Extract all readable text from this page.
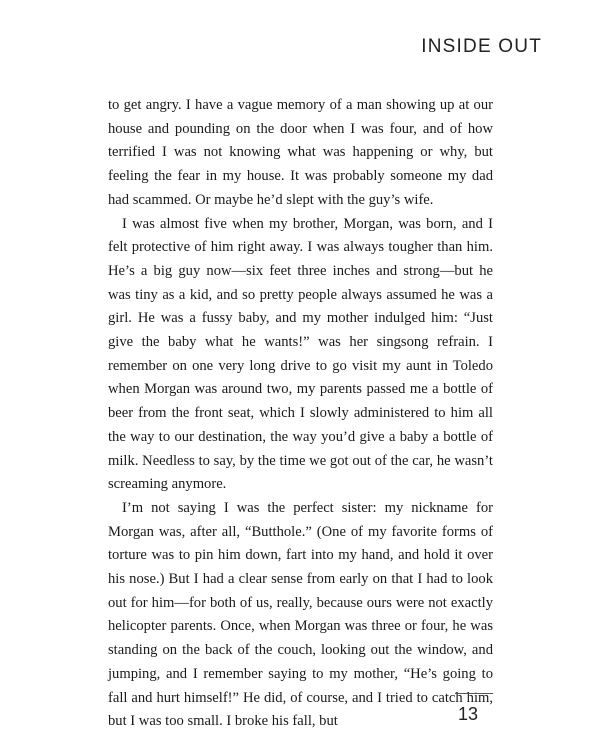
INSIDE OUT

to get angry. I have a vague memory of a man showing up at our house and pounding on the door when I was four, and of how terrified I was not knowing what was happening or why, but feeling the fear in my house. It was probably someone my dad had scammed. Or maybe he’d slept with the guy’s wife.

I was almost five when my brother, Morgan, was born, and I felt protective of him right away. I was always tougher than him. He’s a big guy now—six feet three inches and strong—but he was tiny as a kid, and so pretty people always assumed he was a girl. He was a fussy baby, and my mother indulged him: “Just give the baby what he wants!” was her singsong refrain. I remember on one very long drive to go visit my aunt in Toledo when Morgan was around two, my parents passed me a bottle of beer from the front seat, which I slowly administered to him all the way to our destination, the way you’d give a baby a bottle of milk. Needless to say, by the time we got out of the car, he wasn’t screaming anymore.

I’m not saying I was the perfect sister: my nickname for Morgan was, after all, “Butthole.” (One of my favorite forms of torture was to pin him down, fart into my hand, and hold it over his nose.) But I had a clear sense from early on that I had to look out for him—for both of us, really, because ours were not exactly helicopter parents. Once, when Morgan was three or four, he was standing on the back of the couch, looking out the window, and jumping, and I remember saying to my mother, “He’s going to fall and hurt himself!” He did, of course, and I tried to catch him, but I was too small. I broke his fall, but	13
